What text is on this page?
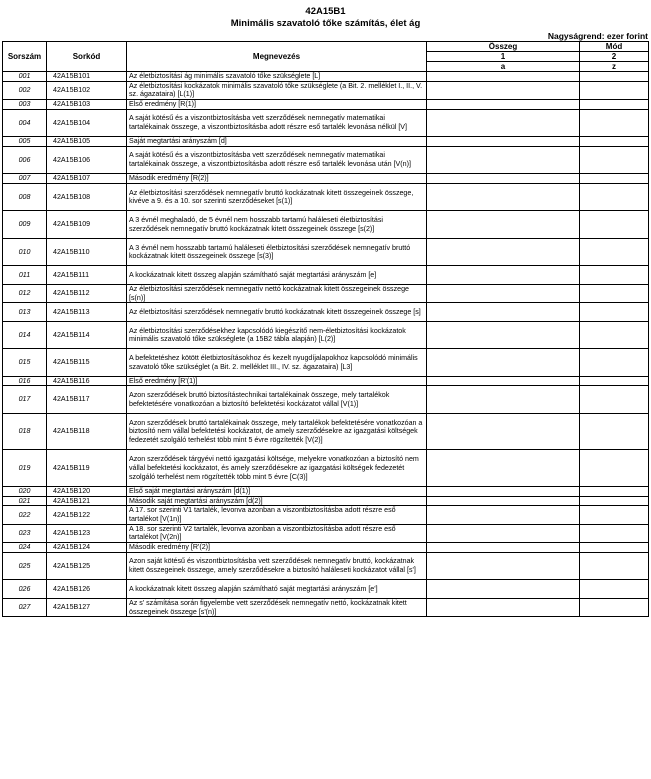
42A15B1
Minimális szavatoló tőke számítás, élet ág
Nagyságrend: ezer forint
Sorszám	Sorkód	Megnevezés	Összeg	Mód
			1	2
			a	z
001	42A15B101	Az életbiztosítási ág minimális szavatoló tőke szükséglete [L]		
002	42A15B102	Az életbiztosítási kockázatok minimális szavatoló tőke szükséglete (a Bit. 2. melléklet I., II., V. sz. ágazataira) [L(1)]		
003	42A15B103	Első eredmény [R(1)]		
004	42A15B104	A saját kötésű és a viszontbiztosításba vett szerződések nemnegatív matematikai tartalékainak összege, a viszontbiztosításba adott részre eső tartalék levonása nélkül [V]		
005	42A15B105	Saját megtartási arányszám [d]		
006	42A15B106	A saját kötésű és a viszontbiztosításba vett szerződések nemnegatív matematikai tartalékainak összege, a viszontbiztosításba adott részre eső tartalék levonása után [V(n)]		
007	42A15B107	Második eredmény [R(2)]		
008	42A15B108	Az életbiztosítási szerződések nemnegatív bruttó kockázatnak kitett összegeinek összege, kivéve a 9. és a 10. sor szerinti szerződéseket [s(1)]		
009	42A15B109	A 3 évnél meghaladó, de 5 évnél nem hosszabb tartamú haláleseti életbiztosítási szerződések nemnegatív bruttó kockázatnak kitett összegeinek összege [s(2)]		
010	42A15B110	A 3 évnél nem hosszabb tartamú haláleseti életbiztosítási szerződések nemnegatív bruttó kockázatnak kitett összegeinek összege [s(3)]		
011	42A15B111	A kockázatnak kitett összeg alapján számítható saját megtartási arányszám [e]		
012	42A15B112	Az életbiztosítási szerződések nemnegatív nettó kockázatnak kitett összegeinek összege [s(n)]		
013	42A15B113	Az életbiztosítási szerződések nemnegatív bruttó kockázatnak kitett összegeinek összege [s]		
014	42A15B114	Az életbiztosítási szerződésekhez kapcsolódó kiegészítő nem-életbiztosítási kockázatok minimális szavatoló tőke szükséglete (a 15B2 tábla alapján) [L(2)]		
015	42A15B115	A befektetéshez kötött életbiztosításokhoz és kezelt nyugdíjalapokhoz kapcsolódó minimális szavatoló tőke szükséglet (a Bit. 2. melléklet III., IV. sz. ágazataira) [L3]		
016	42A15B116	Első eredmény [R'(1)]		
017	42A15B117	Azon szerződések bruttó biztosítástechnikai tartalékainak összege, mely tartalékok befektetésére vonatkozóan a biztosító befektetési kockázatot vállal [V(1)]		
018	42A15B118	Azon szerződések bruttó tartalékainak összege, mely tartalékok befektetésére vonatkozóan a biztosító nem vállal befektetési kockázatot, de amely szerződésekre az igazgatási költségek fedezetét szolgáló terhelést több mint 5 évre rögzítették [V(2)]		
019	42A15B119	Azon szerződések tárgyévi nettó igazgatási költsége, melyekre vonatkozóan a biztosító nem vállal befektetési kockázatot, és amely szerződésekre az igazgatási költségek fedezetét szolgáló terhelést nem rögzítették több mint 5 évre [C(3)]		
020	42A15B120	Első saját megtartási arányszám [d(1)]		
021	42A15B121	Második saját megtartási arányszám [d(2)]		
022	42A15B122	A 17. sor szerinti V1 tartalék, levonva azonban a viszontbiztosításba adott részre eső tartalékot [V(1n)]		
023	42A15B123	A 18. sor szerinti V2 tartalék, levonva azonban a viszontbiztosításba adott részre eső tartalékot [V(2n)]		
024	42A15B124	Második eredmény [R'(2)]		
025	42A15B125	Azon saját kötésű és viszontbiztosításba vett szerződések nemnegatív bruttó, kockázatnak kitett összegeinek összege, amely szerződésekre a biztosító haláleseti kockázatot vállal [s']		
026	42A15B126	A kockázatnak kitett összeg alapján számítható saját megtartási arányszám [e']		
027	42A15B127	Az s' számítása során figyelembe vett szerződések nemnegatív nettó, kockázatnak kitett összegeinek összege [s'(n)]		
